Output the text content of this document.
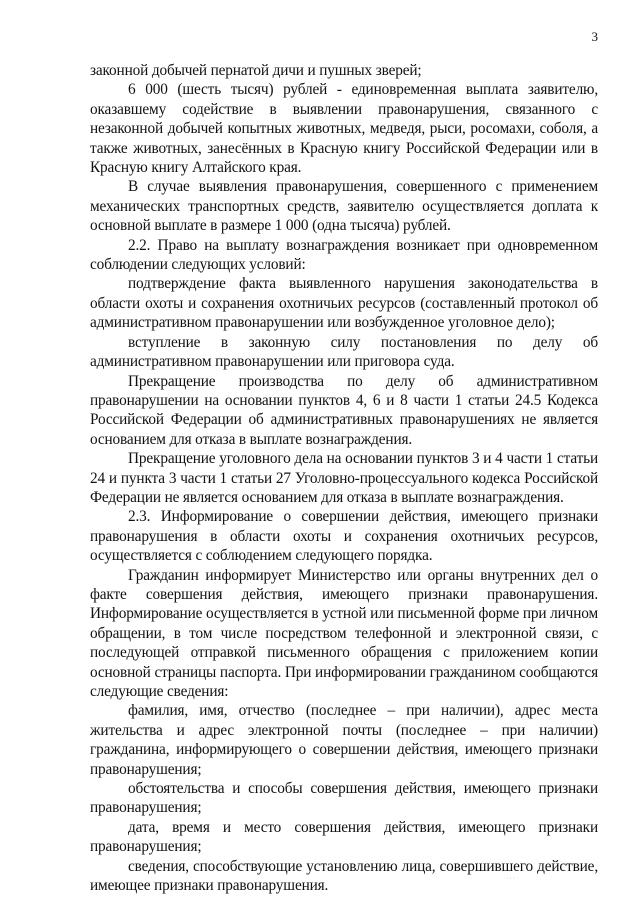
3

законной добычей пернатой дичи и пушных зверей;

6 000 (шесть тысяч) рублей - единовременная выплата заявителю, оказавшему содействие в выявлении правонарушения, связанного с незаконной добычей копытных животных, медведя, рыси, росомахи, соболя, а также животных, занесённых в Красную книгу Российской Федерации или в Красную книгу Алтайского края.

В случае выявления правонарушения, совершенного с применением механических транспортных средств, заявителю осуществляется доплата к основной выплате в размере 1 000 (одна тысяча) рублей.

2.2. Право на выплату вознаграждения возникает при одновременном соблюдении следующих условий:

подтверждение факта выявленного нарушения законодательства в области охоты и сохранения охотничьих ресурсов (составленный протокол об административном правонарушении или возбужденное уголовное дело);

вступление в законную силу постановления по делу об административном правонарушении или приговора суда.

Прекращение производства по делу об административном правонарушении на основании пунктов 4, 6 и 8 части 1 статьи 24.5 Кодекса Российской Федерации об административных правонарушениях не является основанием для отказа в выплате вознаграждения.

Прекращение уголовного дела на основании пунктов 3 и 4 части 1 статьи 24 и пункта 3 части 1 статьи 27 Уголовно-процессуального кодекса Российской Федерации не является основанием для отказа в выплате вознаграждения.

2.3. Информирование о совершении действия, имеющего признаки правонарушения в области охоты и сохранения охотничьих ресурсов, осуществляется с соблюдением следующего порядка.

Гражданин информирует Министерство или органы внутренних дел о факте совершения действия, имеющего признаки правонарушения. Информирование осуществляется в устной или письменной форме при личном обращении, в том числе посредством телефонной и электронной связи, с последующей отправкой письменного обращения с приложением копии основной страницы паспорта. При информировании гражданином сообщаются следующие сведения:

фамилия, имя, отчество (последнее – при наличии), адрес места жительства и адрес электронной почты (последнее – при наличии) гражданина, информирующего о совершении действия, имеющего признаки правонарушения;

обстоятельства и способы совершения действия, имеющего признаки правонарушения;

дата, время и место совершения действия, имеющего признаки правонарушения;

сведения, способствующие установлению лица, совершившего действие, имеющее признаки правонарушения.	· · ·
